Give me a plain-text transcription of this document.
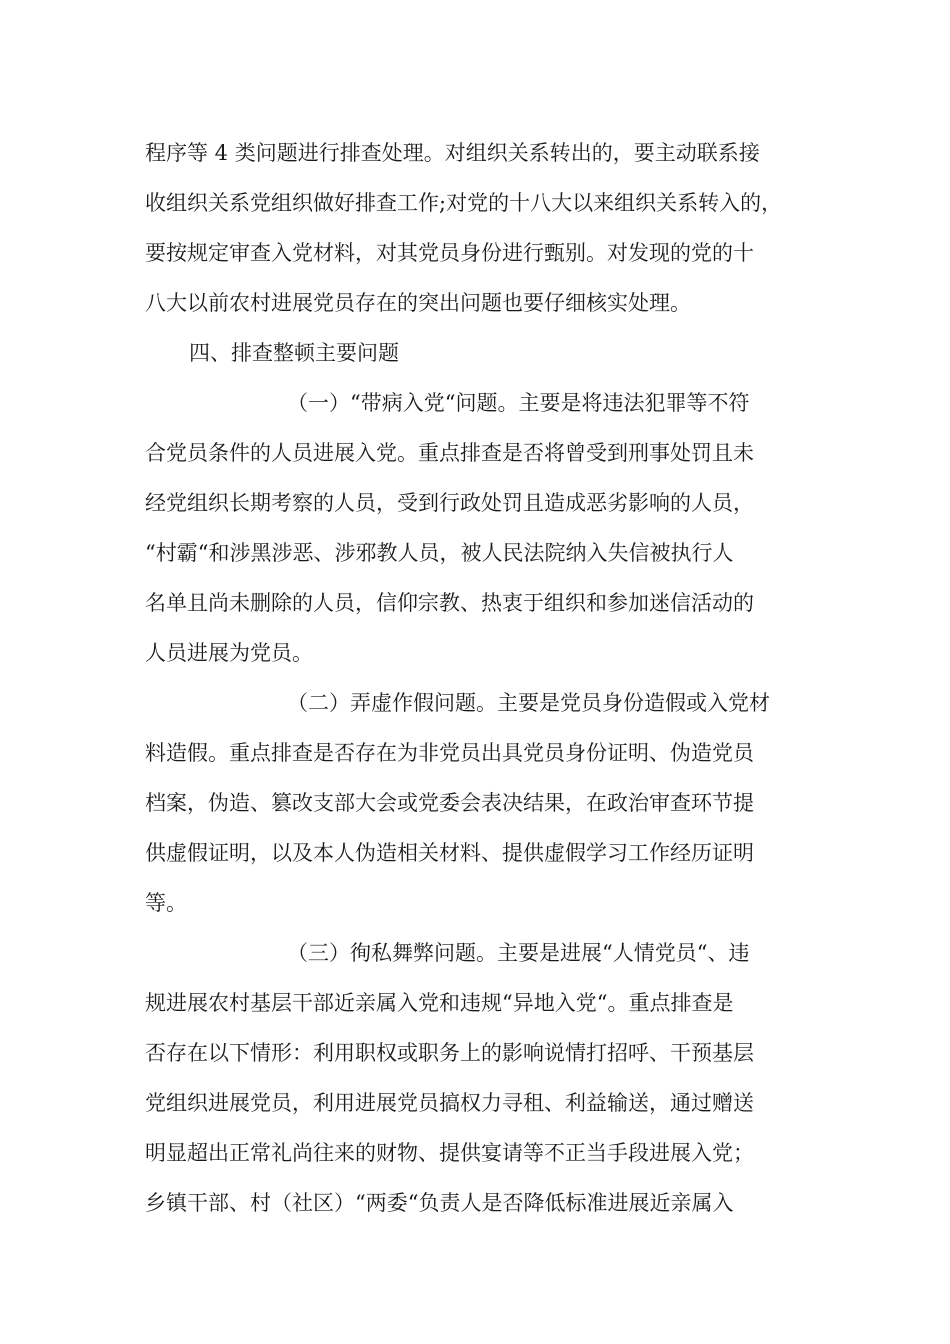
程序等 4 类问题进行排查处理。对组织关系转出的，要主动联系接
收组织关系党组织做好排查工作;对党的十八大以来组织关系转入的，
要按规定审查入党材料，对其党员身份进行甄别。对发现的党的十
八大以前农村进展党员存在的突出问题也要仔细核实处理。
四、排查整顿主要问题
（一）“带病入党“问题。主要是将违法犯罪等不符
合党员条件的人员进展入党。重点排查是否将曾受到刑事处罚且未
经党组织长期考察的人员，受到行政处罚且造成恶劣影响的人员，
“村霸“和涉黑涉恶、涉邪教人员，被人民法院纳入失信被执行人
名单且尚未删除的人员，信仰宗教、热衷于组织和参加迷信活动的
人员进展为党员。
（二）弄虚作假问题。主要是党员身份造假或入党材
料造假。重点排查是否存在为非党员出具党员身份证明、伪造党员
档案，伪造、篡改支部大会或党委会表决结果，在政治审查环节提
供虚假证明，以及本人伪造相关材料、提供虚假学习工作经历证明
等。
（三）徇私舞弊问题。主要是进展“人情党员“、违
规进展农村基层干部近亲属入党和违规“异地入党“。重点排查是
否存在以下情形：利用职权或职务上的影响说情打招呼、干预基层
党组织进展党员，利用进展党员搞权力寻租、利益输送，通过赠送
明显超出正常礼尚往来的财物、提供宴请等不正当手段进展入党；
乡镇干部、村（社区）“两委“负责人是否降低标准进展近亲属入
